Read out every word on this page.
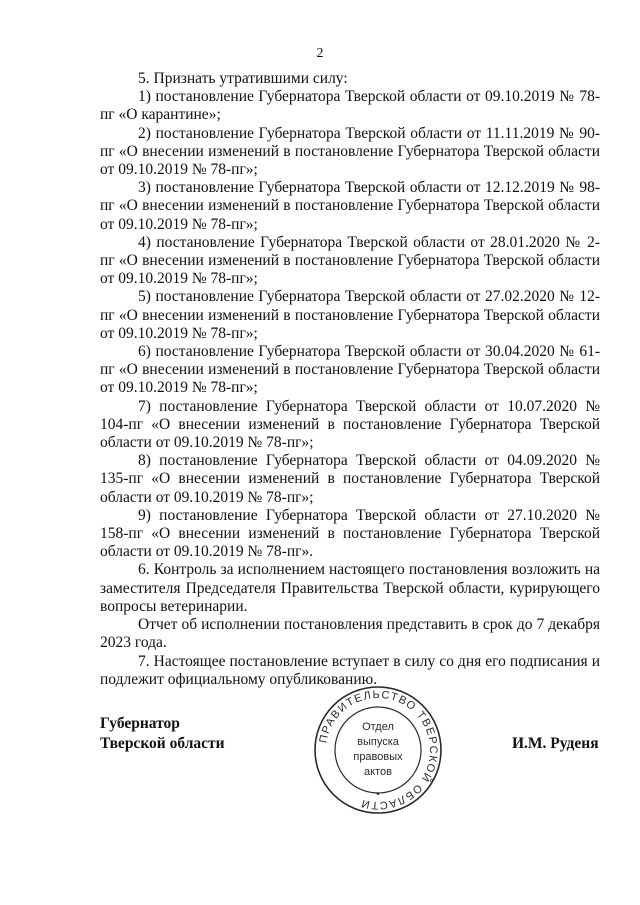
2

5. Признать утратившими силу:

1) постановление Губернатора Тверской области от 09.10.2019 № 78-пг «О карантине»;

2) постановление Губернатора Тверской области от 11.11.2019 № 90-пг «О внесении изменений в постановление Губернатора Тверской области от 09.10.2019 № 78-пг»;

3) постановление Губернатора Тверской области от 12.12.2019 № 98-пг «О внесении изменений в постановление Губернатора Тверской области от 09.10.2019 № 78-пг»;

4) постановление Губернатора Тверской области от 28.01.2020 № 2-пг «О внесении изменений в постановление Губернатора Тверской области от 09.10.2019 № 78-пг»;

5) постановление Губернатора Тверской области от 27.02.2020 № 12-пг «О внесении изменений в постановление Губернатора Тверской области от 09.10.2019 № 78-пг»;

6) постановление Губернатора Тверской области от 30.04.2020 № 61-пг «О внесении изменений в постановление Губернатора Тверской области от 09.10.2019 № 78-пг»;

7) постановление Губернатора Тверской области от 10.07.2020 № 104-пг «О внесении изменений в постановление Губернатора Тверской области от 09.10.2019 № 78-пг»;

8) постановление Губернатора Тверской области от 04.09.2020 № 135-пг «О внесении изменений в постановление Губернатора Тверской области от 09.10.2019 № 78-пг»;

9) постановление Губернатора Тверской области от 27.10.2020 № 158-пг «О внесении изменений в постановление Губернатора Тверской области от 09.10.2019 № 78-пг».

6. Контроль за исполнением настоящего постановления возложить на заместителя Председателя Правительства Тверской области, курирующего вопросы ветеринарии.

Отчет об исполнении постановления представить в срок до 7 декабря 2023 года.

7. Настоящее постановление вступает в силу со дня его подписания и подлежит официальному опубликованию.

Губернатор
Тверской области	И.М. Руденя
ПРАВИТЕЛЬСТВО ТВЕРСКОЙ ОБЛАСТИ
•
Отдел
выпуска
правовых
актов
